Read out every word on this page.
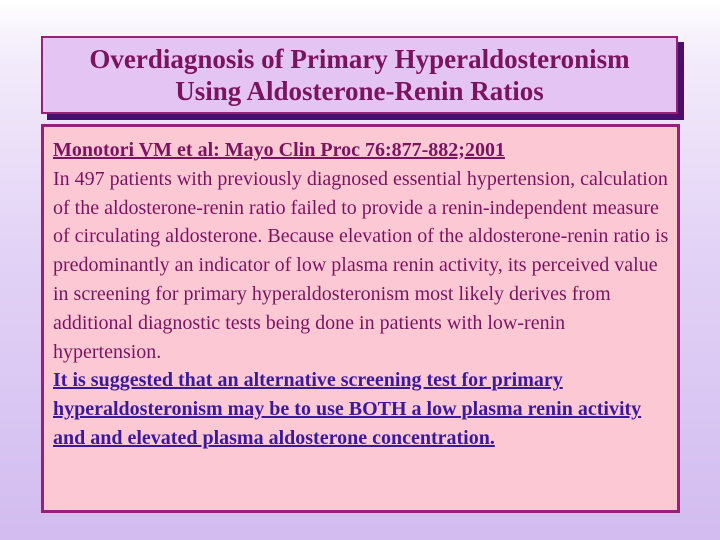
Overdiagnosis of Primary Hyperaldosteronism
Using Aldosterone-Renin Ratios
Monotori VM et al: Mayo Clin Proc 76:877-882;2001

In 497 patients with previously diagnosed essential hypertension, calculation of the aldosterone-renin ratio failed to provide a renin-independent measure of circulating aldosterone. Because elevation of the aldosterone-renin ratio is predominantly an indicator of low plasma renin activity, its perceived value in screening for primary hyperaldosteronism most likely derives from additional diagnostic tests being done in patients with low-renin hypertension.

It is suggested that an alternative screening test for primary hyperaldosteronism may be to use BOTH a low plasma renin activity and and elevated plasma aldosterone concentration.
